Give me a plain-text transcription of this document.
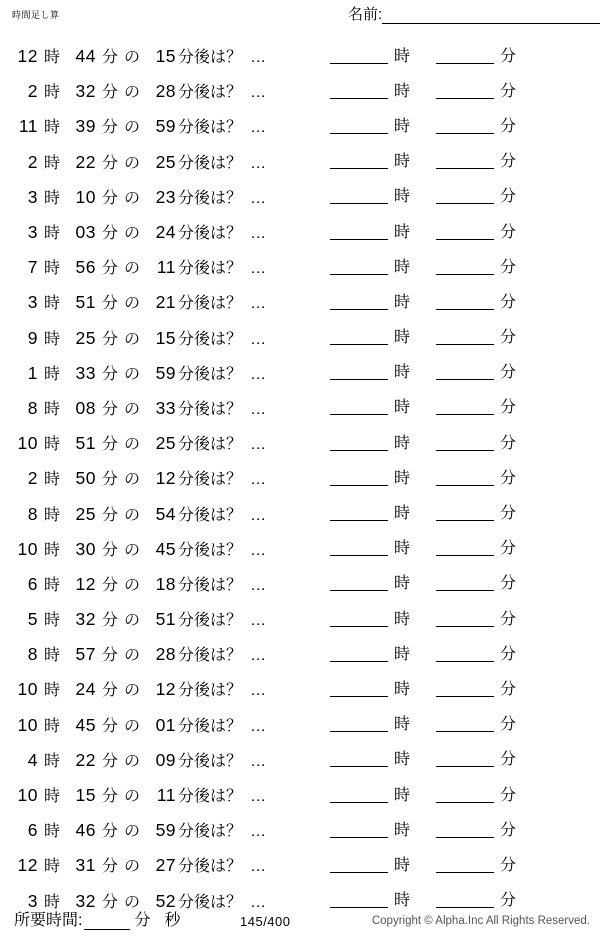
時間足し算	名前:
12 時 44 分 の 15 分後は？ …	時	分
2 時 32 分 の 28 分後は？ …	時	分
11 時 39 分 の 59 分後は？ …	時	分
2 時 22 分 の 25 分後は？ …	時	分
3 時 10 分 の 23 分後は？ …	時	分
3 時 03 分 の 24 分後は？ …	時	分
7 時 56 分 の 11 分後は？ …	時	分
3 時 51 分 の 21 分後は？ …	時	分
9 時 25 分 の 15 分後は？ …	時	分
1 時 33 分 の 59 分後は？ …	時	分
8 時 08 分 の 33 分後は？ …	時	分
10 時 51 分 の 25 分後は？ …	時	分
2 時 50 分 の 12 分後は？ …	時	分
8 時 25 分 の 54 分後は？ …	時	分
10 時 30 分 の 45 分後は？ …	時	分
6 時 12 分 の 18 分後は？ …	時	分
5 時 32 分 の 51 分後は？ …	時	分
8 時 57 分 の 28 分後は？ …	時	分
10 時 24 分 の 12 分後は？ …	時	分
10 時 45 分 の 01 分後は？ …	時	分
4 時 22 分 の 09 分後は？ …	時	分
10 時 15 分 の 11 分後は？ …	時	分
6 時 46 分 の 59 分後は？ …	時	分
12 時 31 分 の 27 分後は？ …	時	分
3 時 32 分 の 52 分後は？ …	時	分
所要時間:	分 秒	145/400	Copyright © Alpha.Inc All Rights Reserved.
